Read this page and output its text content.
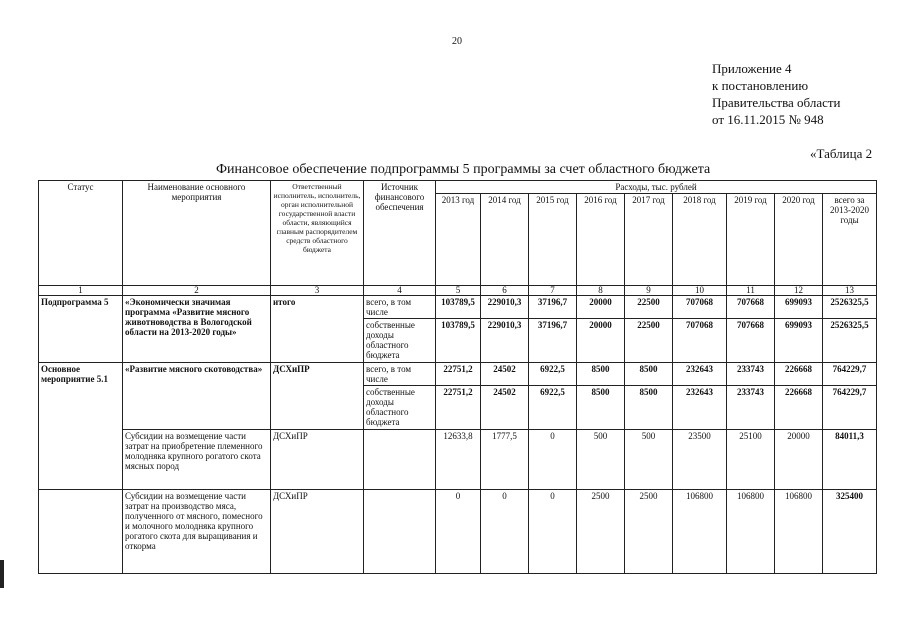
20
Приложение 4
к постановлению
Правительства области
от 16.11.2015 № 948
«Таблица 2
Финансовое обеспечение подпрограммы 5 программы за счет областного бюджета
Статус	Наименование основного мероприятия	Ответственный исполнитель, исполнитель, орган исполнительной государственной власти области, являющийся главным распорядителем средств областного бюджета	Источник финансового обеспечения	Расходы, тыс. рублей								
				2013 год	2014 год	2015 год	2016 год	2017 год	2018 год	2019 год	2020 год	всего за 2013-2020 годы
1	2	3	4	5	6	7	8	9	10	11	12	13
Подпрограмма 5	«Экономически значимая программа «Развитие мясного животноводства в Вологодской области на 2013-2020 годы»	итого	всего, в том числе	103789,5	229010,3	37196,7	20000	22500	707068	707668	699093	2526325,5
			собственные доходы областного бюджета	103789,5	229010,3	37196,7	20000	22500	707068	707668	699093	2526325,5
Основное мероприятие 5.1	«Развитие мясного скотоводства»	ДСХиПР	всего, в том числе	22751,2	24502	6922,5	8500	8500	232643	233743	226668	764229,7
			собственные доходы областного бюджета	22751,2	24502	6922,5	8500	8500	232643	233743	226668	764229,7
	Субсидии на возмещение части затрат на приобретение племенного молодняка крупного рогатого скота мясных пород	ДСХиПР		12633,8	1777,5	0	500	500	23500	25100	20000	84011,3
	Субсидии на возмещение части затрат на производство мяса, полученного от мясного, помесного и молочного молодняка крупного рогатого скота для выращивания и откорма	ДСХиПР		0	0	0	2500	2500	106800	106800	106800	325400
